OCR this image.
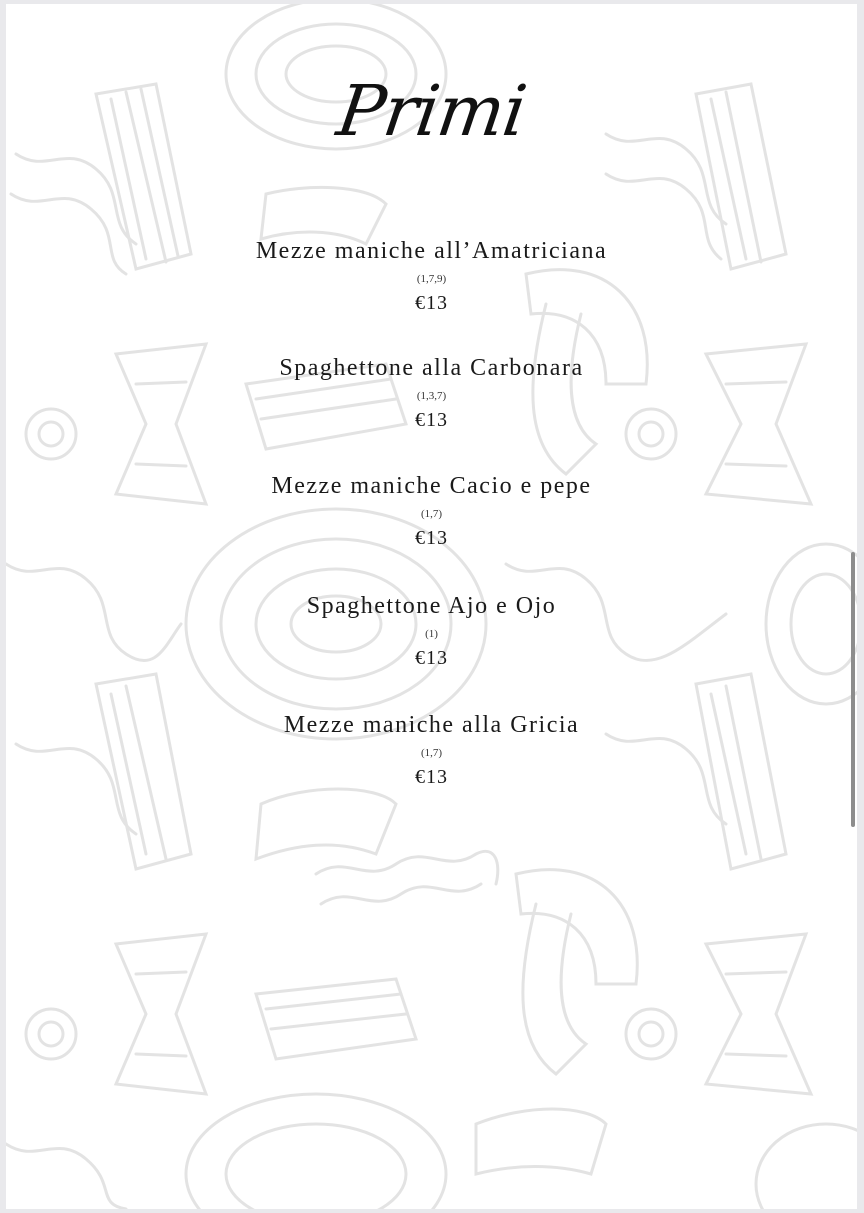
Primi
Mezze maniche all’Amatriciana
(1,7,9)
€13
Spaghettone alla Carbonara
(1,3,7)
€13
Mezze maniche Cacio e pepe
(1,7)
€13
Spaghettone Ajo e Ojo
(1)
€13
Mezze maniche alla Gricia
(1,7)
€13
